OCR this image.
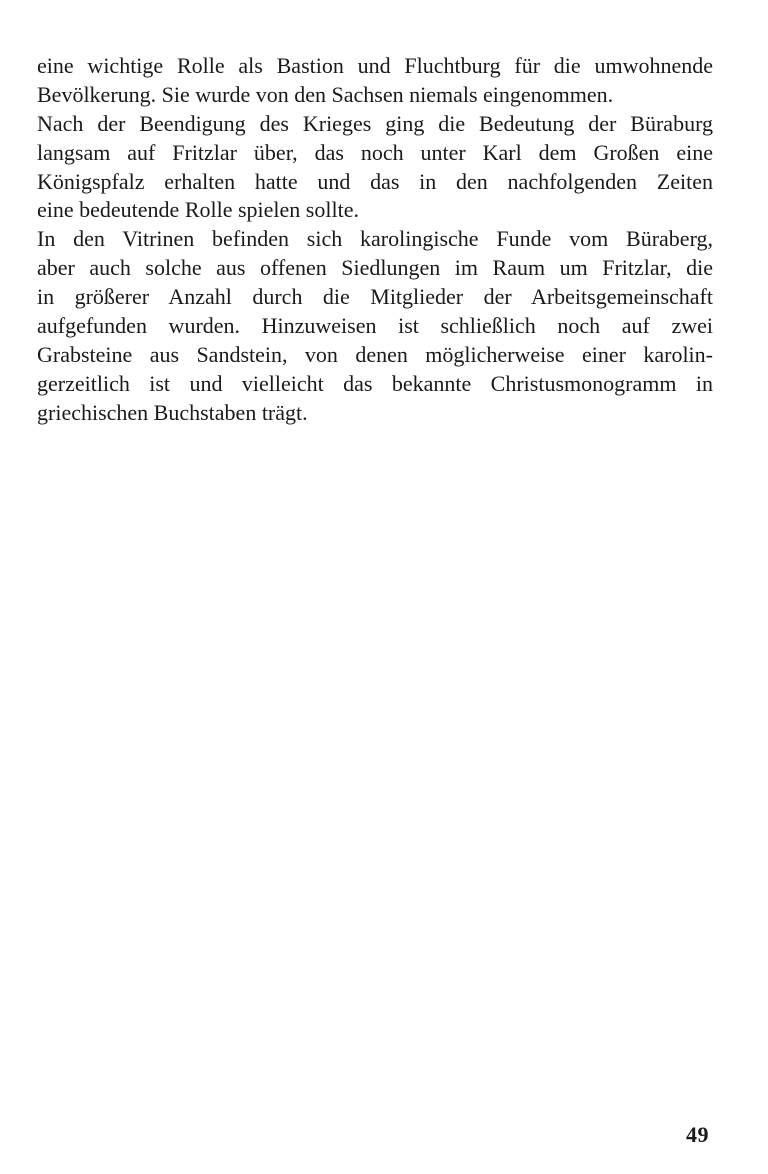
eine wichtige Rolle als Bastion und Fluchtburg für die umwohnende
Bevölkerung. Sie wurde von den Sachsen niemals eingenommen.
Nach der Beendigung des Krieges ging die Bedeutung der Büraburg
langsam auf Fritzlar über, das noch unter Karl dem Großen eine
Königspfalz erhalten hatte und das in den nachfolgenden Zeiten
eine bedeutende Rolle spielen sollte.
In den Vitrinen befinden sich karolingische Funde vom Büraberg,
aber auch solche aus offenen Siedlungen im Raum um Fritzlar, die
in größerer Anzahl durch die Mitglieder der Arbeitsgemeinschaft
aufgefunden wurden. Hinzuweisen ist schließlich noch auf zwei
Grabsteine aus Sandstein, von denen möglicherweise einer karolin-
gerzeitlich ist und vielleicht das bekannte Christusmonogramm in
griechischen Buchstaben trägt.
49
